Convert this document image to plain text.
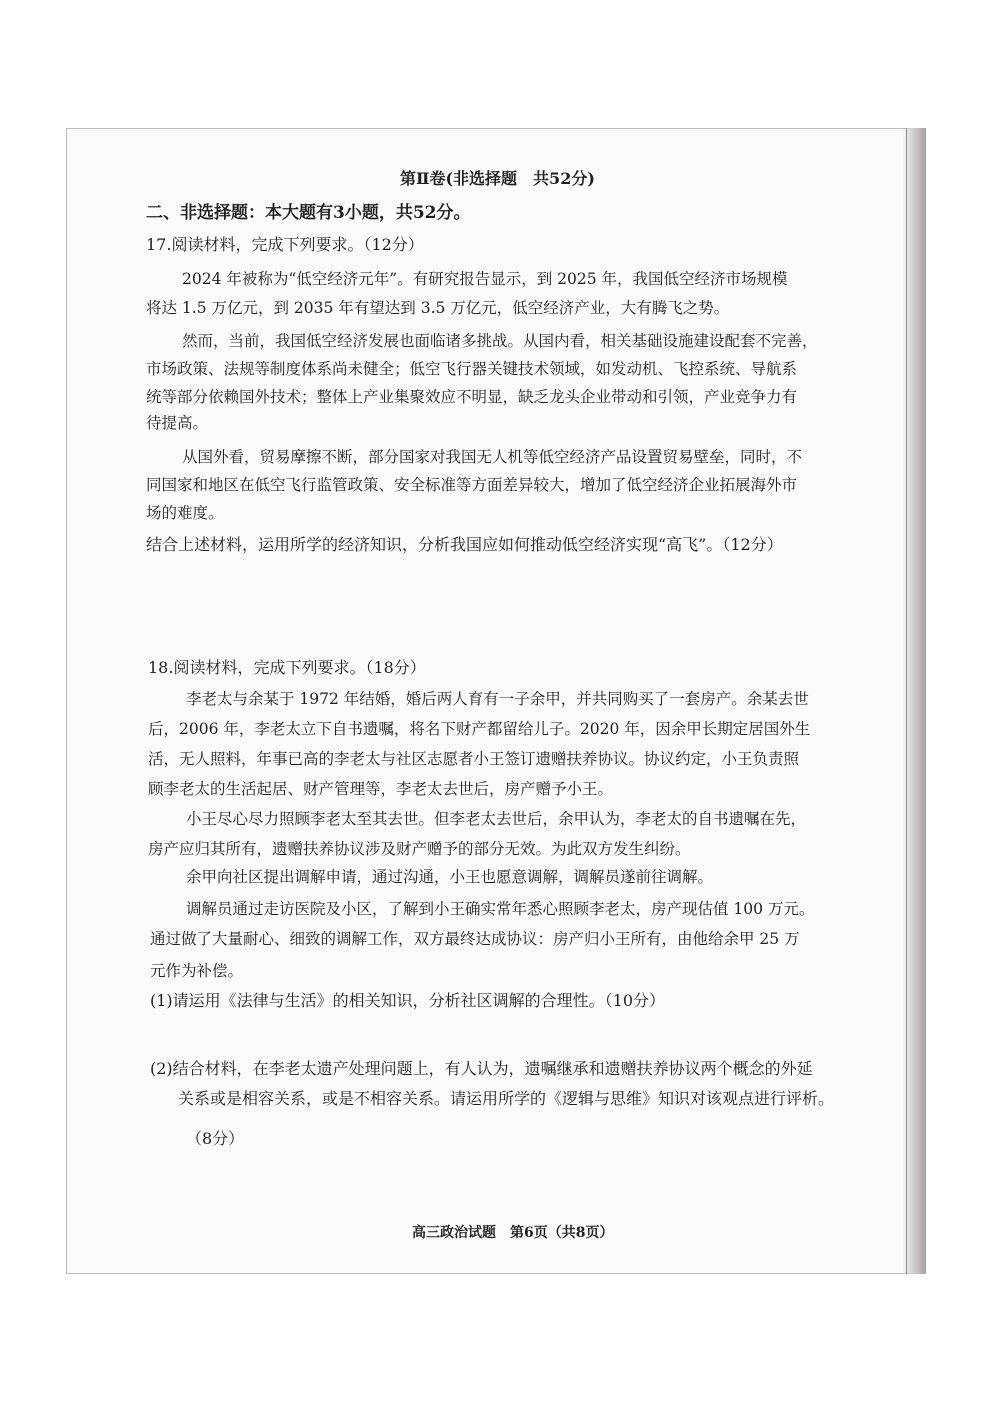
第Ⅱ卷(非选择题　共52分)
二、非选择题：本大题有3小题，共52分。
17.阅读材料，完成下列要求。（12分）
2024 年被称为“低空经济元年”。有研究报告显示，到 2025 年，我国低空经济市场规模
将达 1.5 万亿元，到 2035 年有望达到 3.5 万亿元，低空经济产业，大有腾飞之势。
然而，当前，我国低空经济发展也面临诸多挑战。从国内看，相关基础设施建设配套不完善，
市场政策、法规等制度体系尚未健全；低空飞行器关键技术领域，如发动机、飞控系统、导航系
统等部分依赖国外技术；整体上产业集聚效应不明显，缺乏龙头企业带动和引领，产业竞争力有
待提高。
从国外看，贸易摩擦不断，部分国家对我国无人机等低空经济产品设置贸易壁垒，同时，不
同国家和地区在低空飞行监管政策、安全标准等方面差异较大，增加了低空经济企业拓展海外市
场的难度。
结合上述材料，运用所学的经济知识，分析我国应如何推动低空经济实现“高飞”。（12分）
18.阅读材料，完成下列要求。（18分）
李老太与余某于 1972 年结婚，婚后两人育有一子余甲，并共同购买了一套房产。余某去世
后，2006 年，李老太立下自书遗嘱，将名下财产都留给儿子。2020 年，因余甲长期定居国外生
活，无人照料，年事已高的李老太与社区志愿者小王签订遗赠扶养协议。协议约定，小王负责照
顾李老太的生活起居、财产管理等，李老太去世后，房产赠予小王。
小王尽心尽力照顾李老太至其去世。但李老太去世后，余甲认为，李老太的自书遗嘱在先，
房产应归其所有，遗赠扶养协议涉及财产赠予的部分无效。为此双方发生纠纷。
余甲向社区提出调解申请，通过沟通，小王也愿意调解，调解员遂前往调解。
调解员通过走访医院及小区，了解到小王确实常年悉心照顾李老太，房产现估值 100 万元。
通过做了大量耐心、细致的调解工作，双方最终达成协议：房产归小王所有，由他给余甲 25 万
元作为补偿。
(1)请运用《法律与生活》的相关知识，分析社区调解的合理性。（10分）
(2)结合材料，在李老太遗产处理问题上，有人认为，遗嘱继承和遗赠扶养协议两个概念的外延
关系或是相容关系，或是不相容关系。请运用所学的《逻辑与思维》知识对该观点进行评析。
（8分）
高三政治试题　第6页（共8页）
